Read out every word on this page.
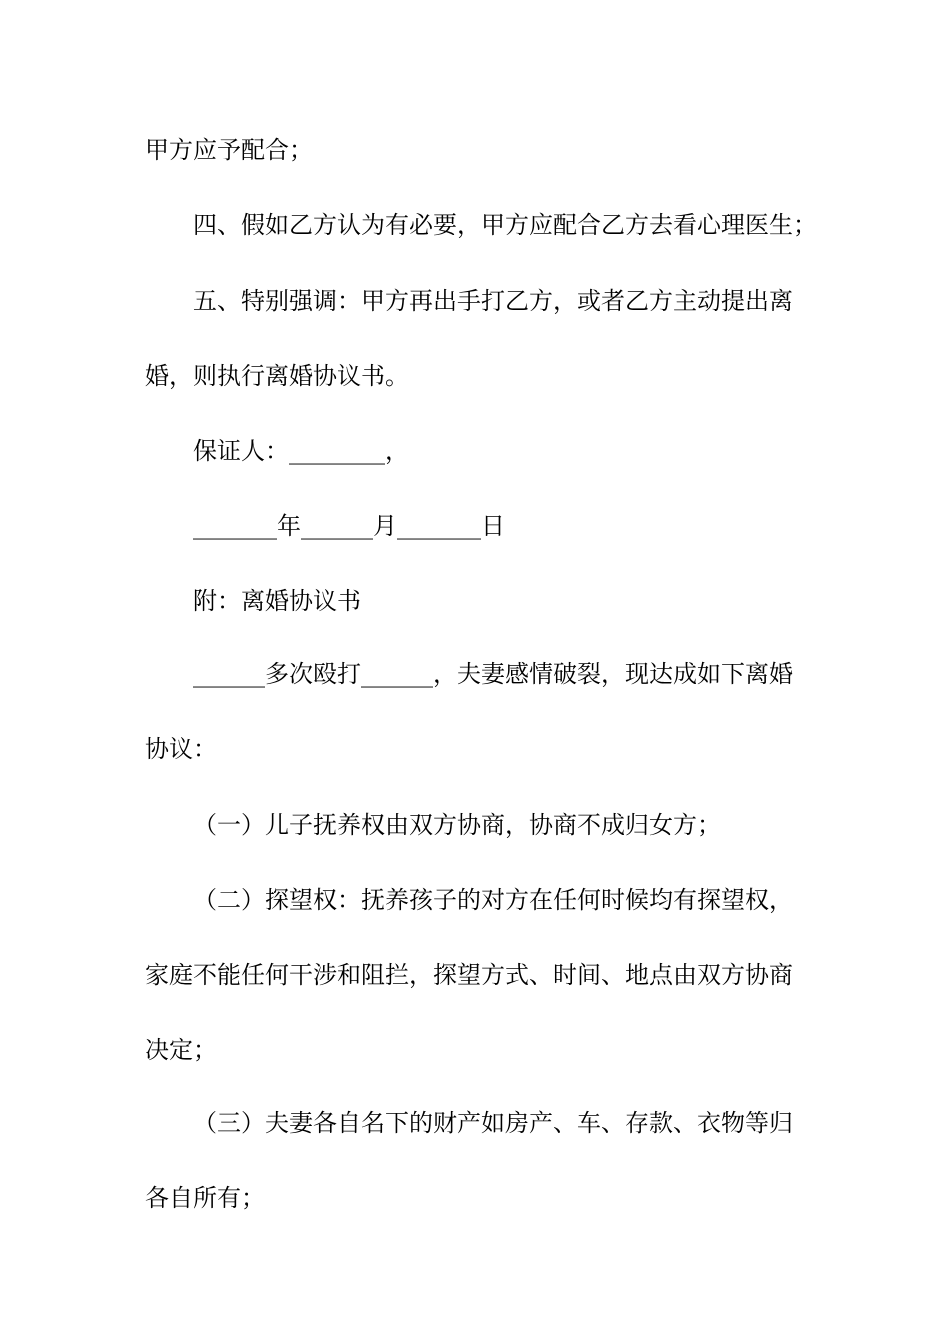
甲方应予配合；

四、假如乙方认为有必要，甲方应配合乙方去看心理医生；

五、特别强调：甲方再出手打乙方，或者乙方主动提出离

婚，则执行离婚协议书。

保证人：________，

_______年______月_______日

附：离婚协议书

______多次殴打______，夫妻感情破裂，现达成如下离婚

协议：

（一）儿子抚养权由双方协商，协商不成归女方；

（二）探望权：抚养孩子的对方在任何时候均有探望权，

家庭不能任何干涉和阻拦，探望方式、时间、地点由双方协商

决定；

（三）夫妻各自名下的财产如房产、车、存款、衣物等归

各自所有；
